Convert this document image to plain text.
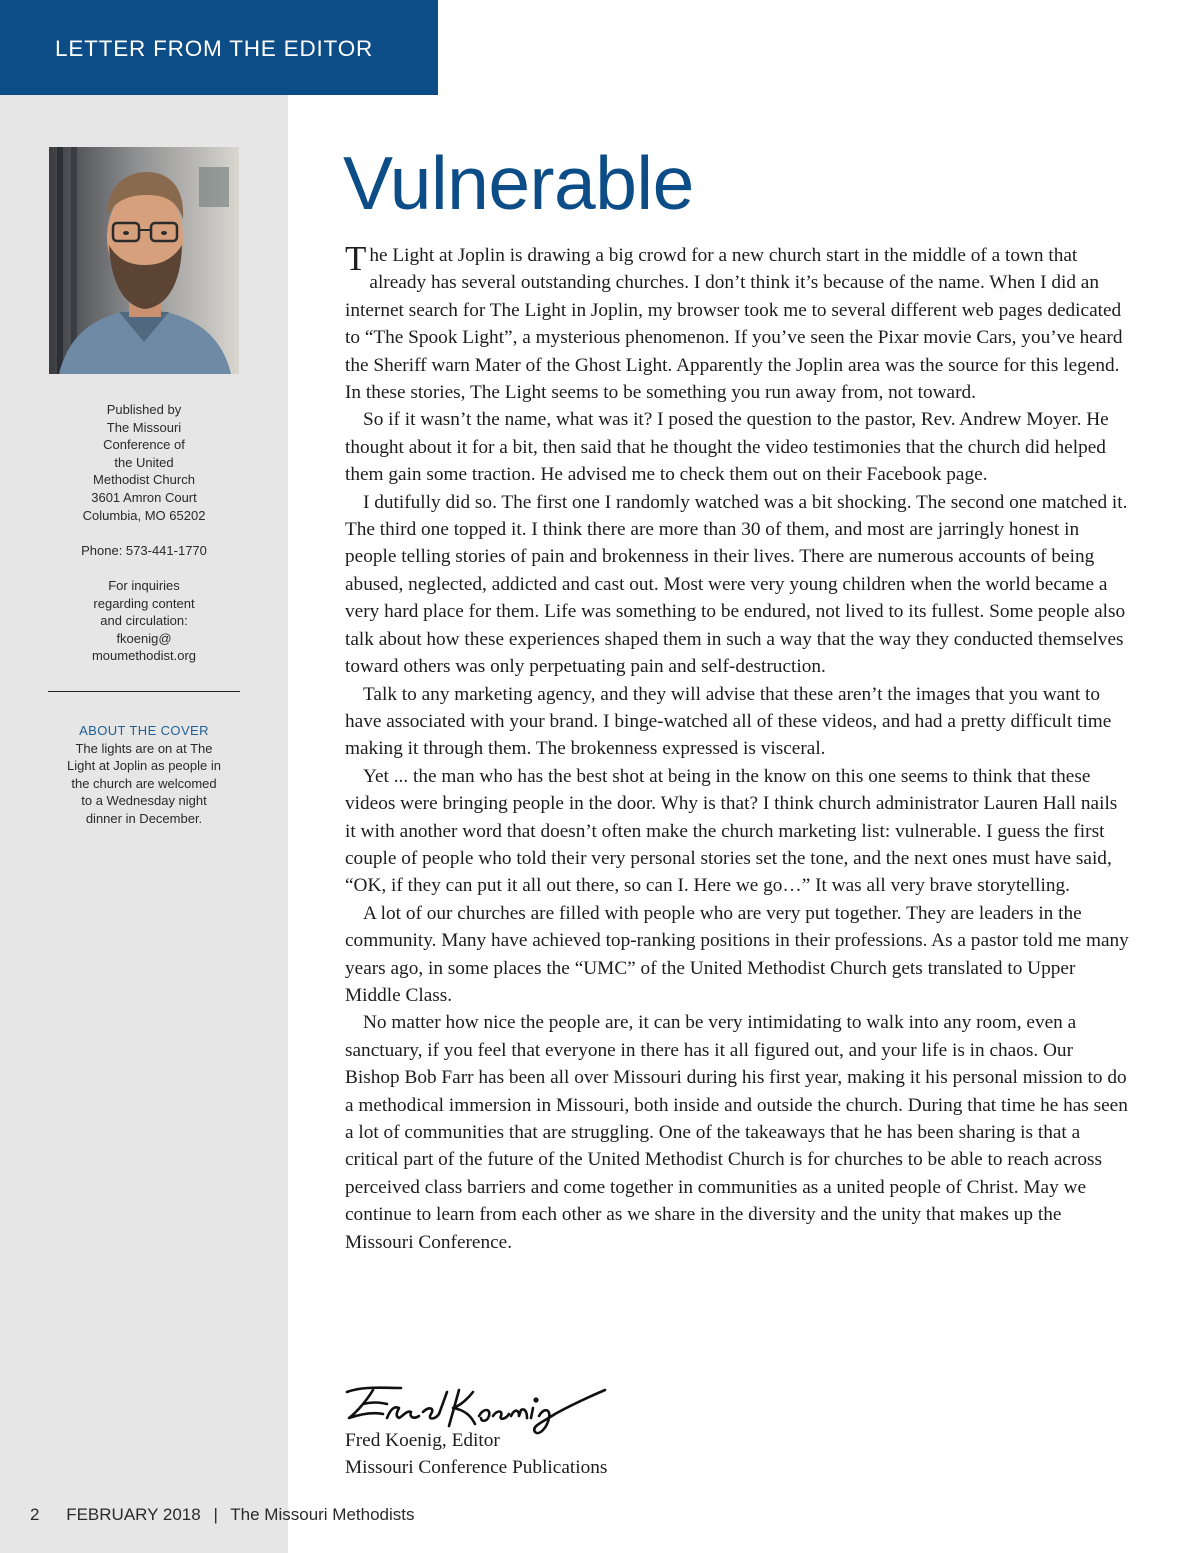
LETTER FROM THE EDITOR

Published by
The Missouri
Conference of
the United
Methodist Church
3601 Amron Court
Columbia, MO 65202

Phone: 573-441-1770

For inquiries
regarding content
and circulation:
fkoenig@
moumethodist.org

ABOUT THE COVER
The lights are on at The
Light at Joplin as people in
the church are welcomed
to a Wednesday night
dinner in December.
Vulnerable

The Light at Joplin is drawing a big crowd for a new church start in the middle of a town that already has several outstanding churches. I don’t think it’s because of the name. When I did an internet search for The Light in Joplin, my browser took me to several different web pages dedicated to “The Spook Light”, a mysterious phenomenon. If you’ve seen the Pixar movie Cars, you’ve heard the Sheriff warn Mater of the Ghost Light. Apparently the Joplin area was the source for this legend. In these stories, The Light seems to be something you run away from, not toward.

So if it wasn’t the name, what was it? I posed the question to the pastor, Rev. Andrew Moyer. He thought about it for a bit, then said that he thought the video testimonies that the church did helped them gain some traction. He advised me to check them out on their Facebook page.

I dutifully did so. The first one I randomly watched was a bit shocking. The second one matched it. The third one topped it. I think there are more than 30 of them, and most are jarringly honest in people telling stories of pain and brokenness in their lives. There are numerous accounts of being abused, neglected, addicted and cast out. Most were very young children when the world became a very hard place for them. Life was something to be endured, not lived to its fullest. Some people also talk about how these experiences shaped them in such a way that the way they conducted themselves toward others was only perpetuating pain and self-destruction.

Talk to any marketing agency, and they will advise that these aren’t the images that you want to have associated with your brand. I binge-watched all of these videos, and had a pretty difficult time making it through them. The brokenness expressed is visceral.

Yet ... the man who has the best shot at being in the know on this one seems to think that these videos were bringing people in the door. Why is that? I think church administrator Lauren Hall nails it with another word that doesn’t often make the church marketing list: vulnerable. I guess the first couple of people who told their very personal stories set the tone, and the next ones must have said, “OK, if they can put it all out there, so can I. Here we go…” It was all very brave storytelling.

A lot of our churches are filled with people who are very put together. They are leaders in the community. Many have achieved top-ranking positions in their professions. As a pastor told me many years ago, in some places the “UMC” of the United Methodist Church gets translated to Upper Middle Class.

No matter how nice the people are, it can be very intimidating to walk into any room, even a sanctuary, if you feel that everyone in there has it all figured out, and your life is in chaos. Our Bishop Bob Farr has been all over Missouri during his first year, making it his personal mission to do a methodical immersion in Missouri, both inside and outside the church. During that time he has seen a lot of communities that are struggling. One of the takeaways that he has been sharing is that a critical part of the future of the United Methodist Church is for churches to be able to reach across perceived class barriers and come together in communities as a united people of Christ. May we continue to learn from each other as we share in the diversity and the unity that makes up the Missouri Conference.

Fred Koenig, Editor
Missouri Conference Publications
2 FEBRUARY 2018 | The Missouri Methodists
